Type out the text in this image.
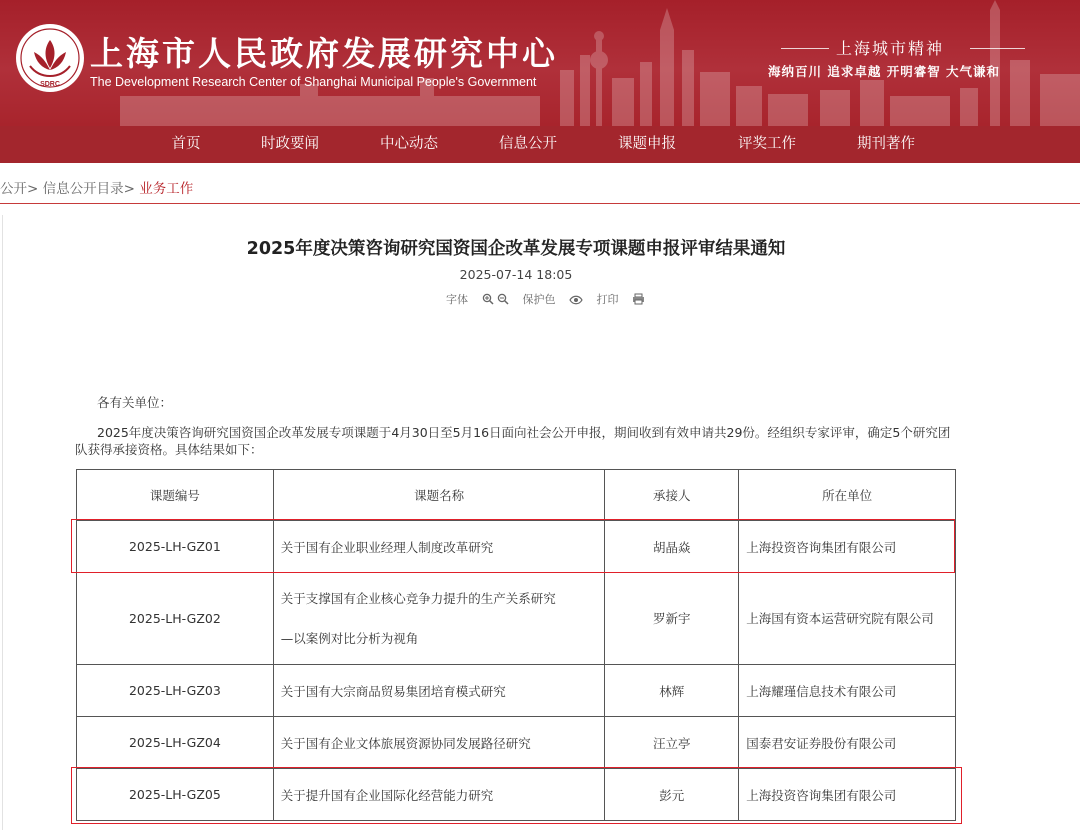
SDRC
上海市人民政府发展研究中心
The Development Research Center of Shanghai Municipal People's Government
上海城市精神
海纳百川 追求卓越 开明睿智 大气谦和
首页	时政要闻	中心动态	信息公开	课题申报	评奖工作	期刊著作
公开> 信息公开目录> 业务工作
2025年度决策咨询研究国资国企改革发展专项课题申报评审结果通知
2025-07-14 18:05
字体	保护色	打印
各有关单位：
2025年度决策咨询研究国资国企改革发展专项课题于4月30日至5月16日面向社会公开申报，期间收到有效申请共29份。经组织专家评审，确定5个研究团队获得承接资格。具体结果如下：
课题编号	课题名称	承接人	所在单位
2025-LH-GZ01	关于国有企业职业经理人制度改革研究	胡晶焱	上海投资咨询集团有限公司
2025-LH-GZ02	关于支撑国有企业核心竞争力提升的生产关系研究
—以案例对比分析为视角	罗新宇	上海国有资本运营研究院有限公司
2025-LH-GZ03	关于国有大宗商品贸易集团培育模式研究	林辉	上海耀瑾信息技术有限公司
2025-LH-GZ04	关于国有企业文体旅展资源协同发展路径研究	汪立亭	国泰君安证券股份有限公司
2025-LH-GZ05	关于提升国有企业国际化经营能力研究	彭元	上海投资咨询集团有限公司
